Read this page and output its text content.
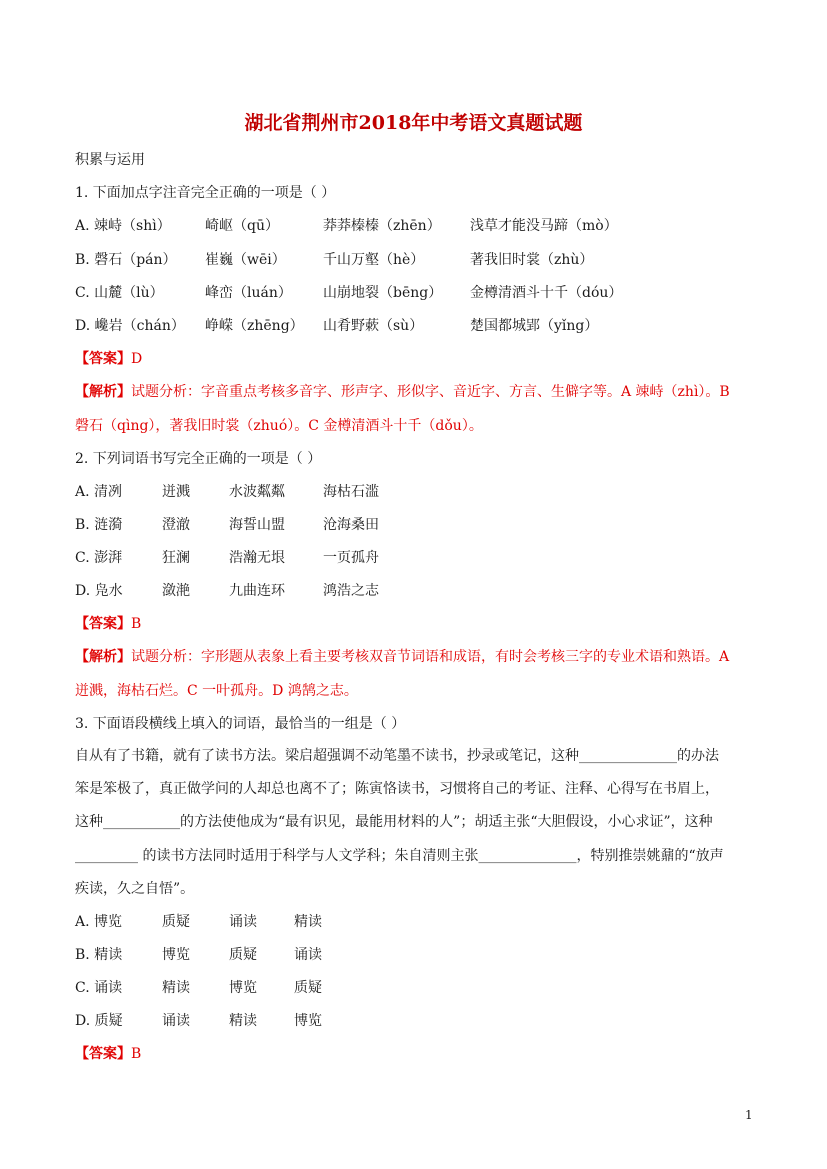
湖北省荆州市2018年中考语文真题试题
积累与运用
1. 下面加点字注音完全正确的一项是（ ）
A. 竦峙（shì） 崎岖（qū）	莽莽榛榛（zhēn） 浅草才能没马蹄（mò）
B. 磬石（pán） 崔巍（wēi）	千山万壑（hè）	著我旧时裳（zhù）
C. 山麓（lù）	峰峦（luán） 山崩地裂（bēng） 金樽清酒斗十千（dóu）
D. 巉岩（chán） 峥嵘（zhēng） 山肴野蔌（sù）	楚国都城郢（yǐng）
【答案】D
【解析】试题分析：字音重点考核多音字、形声字、形似字、音近字、方言、生僻字等。A 竦峙（zhì）。B
磬石（qìng），著我旧时裳（zhuó）。C 金樽清酒斗十千（dǒu）。
2. 下列词语书写完全正确的一项是（ ）
A. 清冽	迸溅	水波粼粼	海枯石滥
B. 涟漪	澄澈	海誓山盟	沧海桑田
C. 澎湃	狂澜	浩瀚无垠	一页孤舟
D. 凫水	潋滟	九曲连环	鸿浩之志
【答案】B
【解析】试题分析：字形题从表象上看主要考核双音节词语和成语，有时会考核三字的专业术语和熟语。A
迸溅，海枯石烂。C 一叶孤舟。D 鸿鹄之志。
3. 下面语段横线上填入的词语，最恰当的一组是（ ）
自从有了书籍，就有了读书方法。梁启超强调不动笔墨不读书，抄录或笔记，这种______________的办法
笨是笨极了，真正做学问的人却总也离不了；陈寅恪读书，习惯将自己的考证、注释、心得写在书眉上，
这种___________的方法使他成为“最有识见，最能用材料的人”；胡适主张“大胆假设，小心求证”，这种
_________ 的读书方法同时适用于科学与人文学科；朱自清则主张______________，特别推崇姚鼐的“放声
疾读，久之自悟”。
A. 博览	质疑	诵读	精读
B. 精读	博览	质疑	诵读
C. 诵读	精读	博览	质疑
D. 质疑	诵读	精读	博览
【答案】B
1
